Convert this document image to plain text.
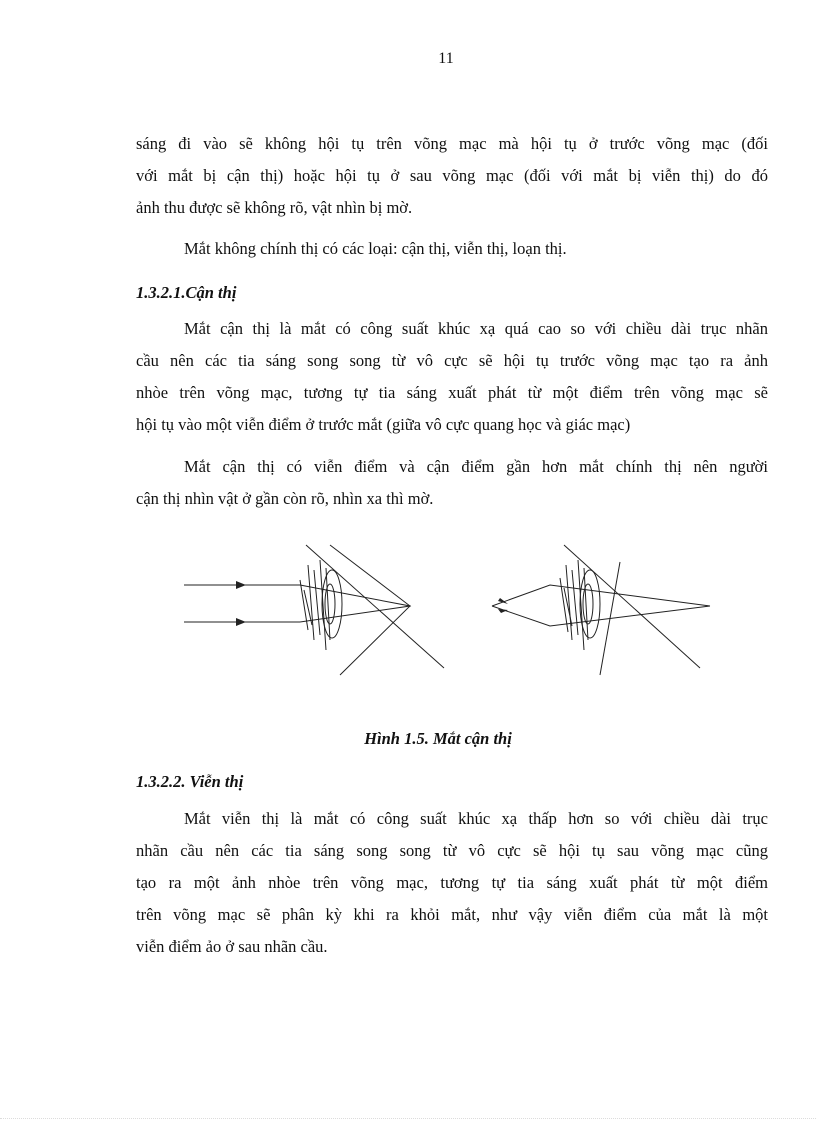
11
sáng đi vào sẽ không hội tụ trên võng mạc mà hội tụ ở trước võng mạc (đối
với mắt bị cận thị) hoặc hội tụ ở sau võng mạc (đối với mắt bị viễn thị) do đó
ảnh thu được sẽ không rõ, vật nhìn bị mờ.
Mắt không chính thị có các loại: cận thị, viễn thị, loạn thị.
1.3.2.1.Cận thị
Mắt cận thị là mắt có công suất khúc xạ quá cao so với chiều dài trục nhãn
cầu nên các tia sáng song song từ vô cực sẽ hội tụ trước võng mạc tạo ra ảnh
nhòe trên võng mạc, tương tự tia sáng xuất phát từ một điểm trên võng mạc sẽ
hội tụ vào một viễn điểm ở trước mắt (giữa vô cực quang học và giác mạc)
Mắt cận thị có viễn điểm và cận điểm gần hơn mắt chính thị nên người
cận thị nhìn vật ở gần còn rõ, nhìn xa thì mờ.
Hình 1.5. Mắt cận thị
1.3.2.2. Viễn thị
Mắt viễn thị là mắt có công suất khúc xạ thấp hơn so với chiều dài trục
nhãn cầu nên các tia sáng song song từ vô cực sẽ hội tụ sau võng mạc cũng
tạo ra một ảnh nhòe trên võng mạc, tương tự tia sáng xuất phát từ một điểm
trên võng mạc sẽ phân kỳ khi ra khỏi mắt, như vậy viễn điểm của mắt là một
viễn điểm ảo ở sau nhãn cầu.
